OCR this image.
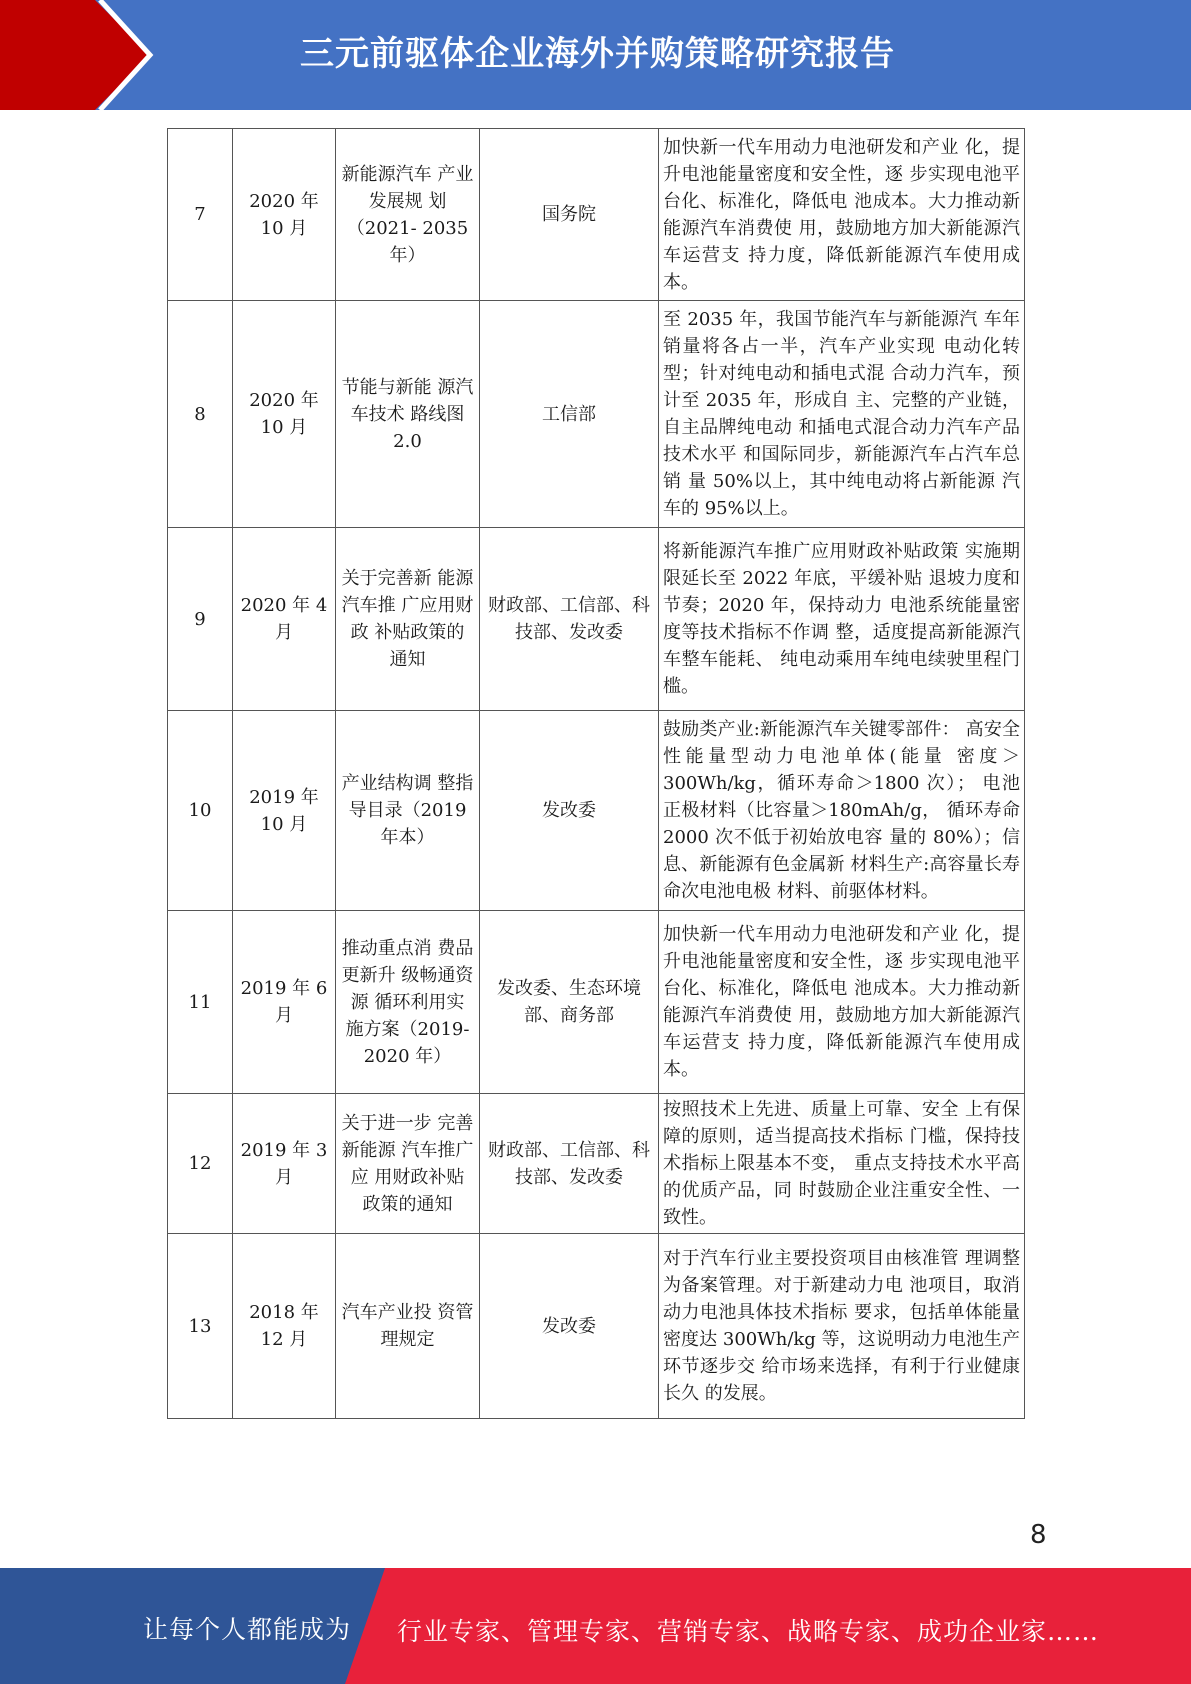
三元前驱体企业海外并购策略研究报告
7	2020 年 10 月	新能源汽车 产业发展规 划（2021- 2035 年）	国务院	加快新一代车用动力电池研发和产业 化，提升电池能量密度和安全性，逐 步实现电池平台化、标准化，降低电 池成本。大力推动新能源汽车消费使 用，鼓励地方加大新能源汽车运营支 持力度，降低新能源汽车使用成本。
8	2020 年 10 月	节能与新能 源汽车技术 路线图 2.0	工信部	至 2035 年，我国节能汽车与新能源汽 车年销量将各占一半，汽车产业实现 电动化转型；针对纯电动和插电式混 合动力汽车，预计至 2035 年，形成自 主、完整的产业链，自主品牌纯电动 和插电式混合动力汽车产品技术水平 和国际同步，新能源汽车占汽车总销 量 50%以上，其中纯电动将占新能源 汽车的 95%以上。
9	2020 年 4 月	关于完善新 能源汽车推 广应用财政 补贴政策的 通知	财政部、工信部、科技部、发改委	将新能源汽车推广应用财政补贴政策 实施期限延长至 2022 年底，平缓补贴 退坡力度和节奏；2020 年，保持动力 电池系统能量密度等技术指标不作调 整，适度提高新能源汽车整车能耗、 纯电动乘用车纯电续驶里程门槛。
10	2019 年 10 月	产业结构调 整指导目录（2019 年本）	发改委	鼓励类产业:新能源汽车关键零部件： 高安全性能量型动力电池单体(能量 密度＞300Wh/kg，循环寿命＞1800 次）； 电池正极材料（比容量＞180mAh/g， 循环寿命 2000 次不低于初始放电容 量的 80%）；信息、新能源有色金属新 材料生产:高容量长寿命次电池电极 材料、前驱体材料。
11	2019 年 6 月	推动重点消 费品更新升 级畅通资源 循环利用实 施方案（2019-2020 年）	发改委、生态环境部、商务部	加快新一代车用动力电池研发和产业 化，提升电池能量密度和安全性，逐 步实现电池平台化、标准化，降低电 池成本。大力推动新能源汽车消费使 用，鼓励地方加大新能源汽车运营支 持力度，降低新能源汽车使用成本。
12	2019 年 3 月	关于进一步 完善新能源 汽车推广应 用财政补贴 政策的通知	财政部、工信部、科技部、发改委	按照技术上先进、质量上可靠、安全 上有保障的原则，适当提高技术指标 门槛，保持技术指标上限基本不变， 重点支持技术水平高的优质产品，同 时鼓励企业注重安全性、一致性。
13	2018 年 12 月	汽车产业投 资管理规定	发改委	对于汽车行业主要投资项目由核准管 理调整为备案管理。对于新建动力电 池项目，取消动力电池具体技术指标 要求，包括单体能量密度达 300Wh/kg 等，这说明动力电池生产环节逐步交 给市场来选择，有利于行业健康长久 的发展。
8
让每个人都能成为 行业专家、管理专家、营销专家、战略专家、成功企业家……
